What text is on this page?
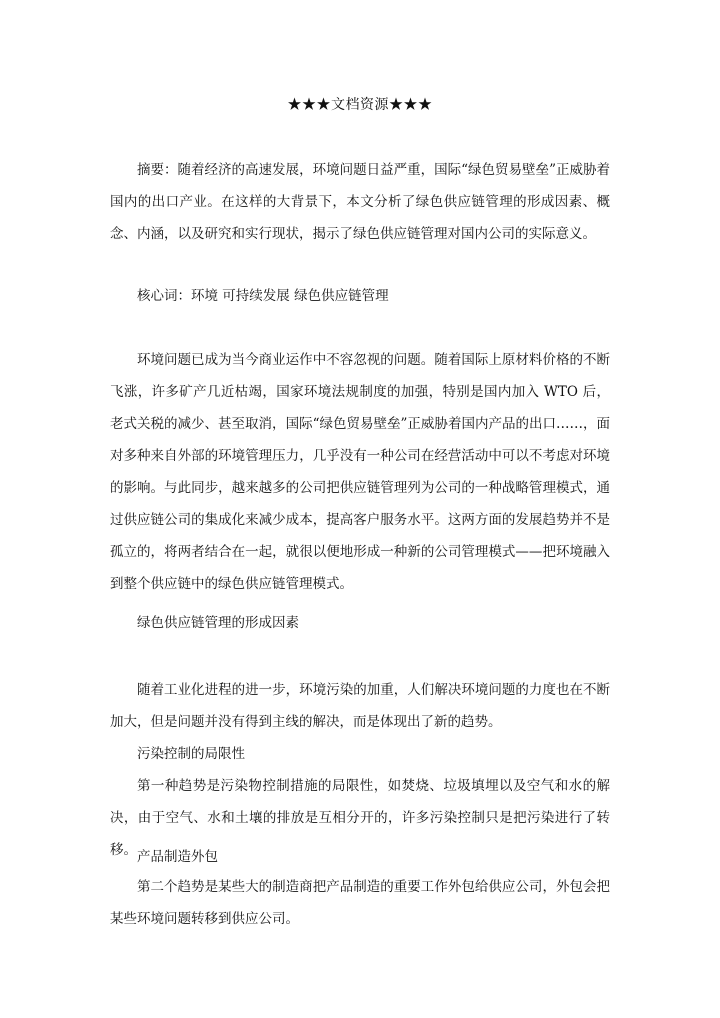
★★★文档资源★★★

摘要：随着经济的高速发展，环境问题日益严重，国际“绿色贸易壁垒”正威胁着国内的出口产业。在这样的大背景下，本文分析了绿色供应链管理的形成因素、概念、内涵，以及研究和实行现状，揭示了绿色供应链管理对国内公司的实际意义。

核心词：环境 可持续发展 绿色供应链管理

环境问题已成为当今商业运作中不容忽视的问题。随着国际上原材料价格的不断飞涨，许多矿产几近枯竭，国家环境法规制度的加强，特别是国内加入 WTO 后，老式关税的减少、甚至取消，国际“绿色贸易壁垒”正威胁着国内产品的出口……，面对多种来自外部的环境管理压力，几乎没有一种公司在经营活动中可以不考虑对环境的影响。与此同步，越来越多的公司把供应链管理列为公司的一种战略管理模式，通过供应链公司的集成化来减少成本，提高客户服务水平。这两方面的发展趋势并不是孤立的，将两者结合在一起，就很以便地形成一种新的公司管理模式——把环境融入到整个供应链中的绿色供应链管理模式。

绿色供应链管理的形成因素

随着工业化进程的进一步，环境污染的加重，人们解决环境问题的力度也在不断加大，但是问题并没有得到主线的解决，而是体现出了新的趋势。

污染控制的局限性

第一种趋势是污染物控制措施的局限性，如焚烧、垃圾填埋以及空气和水的解决，由于空气、水和土壤的排放是互相分开的，许多污染控制只是把污染进行了转移。 产品制造外包

第二个趋势是某些大的制造商把产品制造的重要工作外包给供应公司，外包会把某些环境问题转移到供应公司。
